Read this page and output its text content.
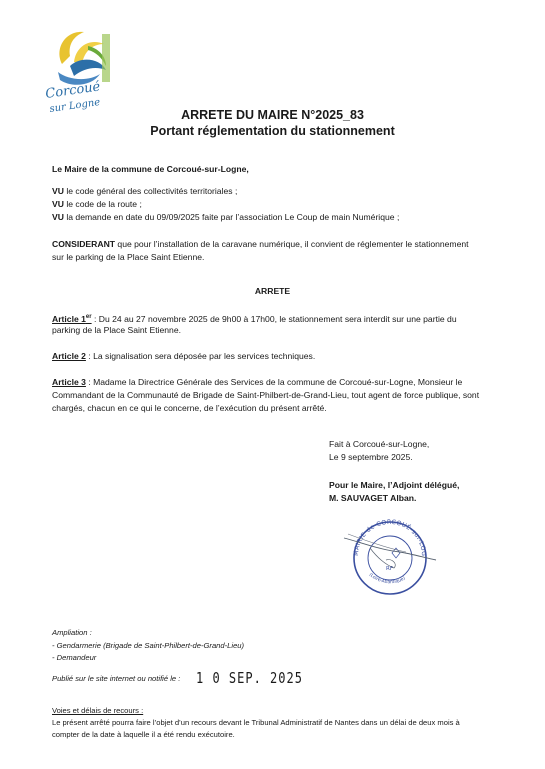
Corcoué
sur Logne
ARRETE DU MAIRE N°2025_83
Portant réglementation du stationnement
Le Maire de la commune de Corcoué-sur-Logne,
VU le code général des collectivités territoriales ;
VU le code de la route ;
VU la demande en date du 09/09/2025 faite par l’association Le Coup de main Numérique ;
CONSIDERANT que pour l’installation de la caravane numérique, il convient de réglementer le stationnement
sur le parking de la Place Saint Etienne.
ARRETE
Article 1er : Du 24 au 27 novembre 2025 de 9h00 à 17h00, le stationnement sera interdit sur une partie du
parking de la Place Saint Etienne.
Article 2 : La signalisation sera déposée par les services techniques.
Article 3 : Madame la Directrice Générale des Services de la commune de Corcoué-sur-Logne, Monsieur le
Commandant de la Communauté de Brigade de Saint-Philbert-de-Grand-Lieu, tout agent de force publique, sont
chargés, chacun en ce qui le concerne, de l’exécution du présent arrêté.
Fait à Corcoué-sur-Logne,
Le 9 septembre 2025.
Pour le Maire, l’Adjoint délégué,
M. SAUVAGET Alban.
MAIRIE de CORCOUÉ-sur-LOG
(Loire-Atlantique)
RF
Ampliation :
- Gendarmerie (Brigade de Saint-Philbert-de-Grand-Lieu)
- Demandeur
Publié sur le site internet ou notifié le : 1 0 SEP. 2025
Voies et délais de recours :
Le présent arrêté pourra faire l’objet d’un recours devant le Tribunal Administratif de Nantes dans un délai de deux mois à
compter de la date à laquelle il a été rendu exécutoire.
